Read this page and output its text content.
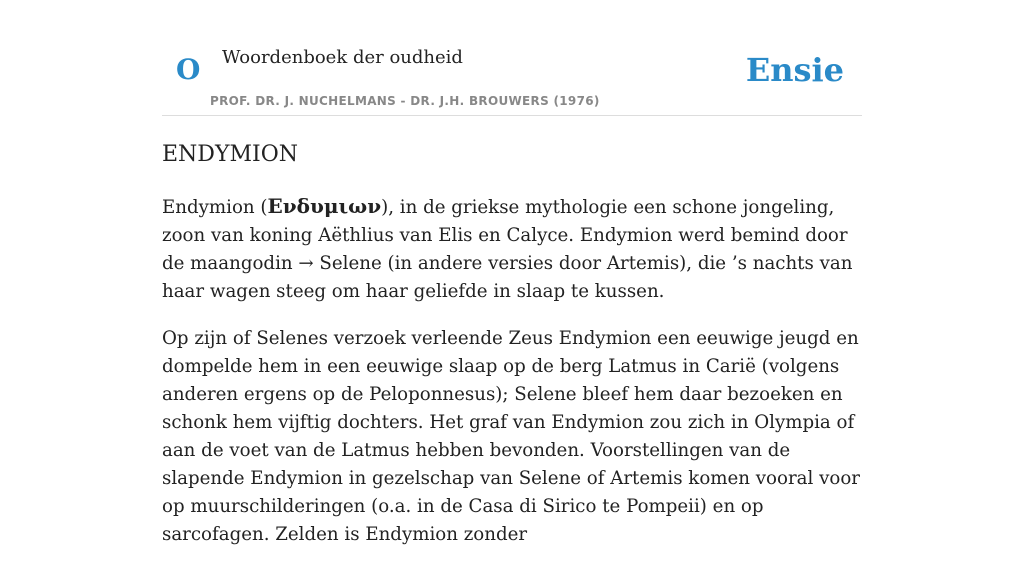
O Woordenboek der oudheid
PROF. DR. J. NUCHELMANS - DR. J.H. BROUWERS (1976)
Ensie
ENDYMION

Endymion (Ενδυμιων), in de griekse mythologie een schone jongeling, zoon van koning Aëthlius van Elis en Calyce. Endymion werd bemind door de maangodin → Selene (in andere versies door Artemis), die ’s nachts van haar wagen steeg om haar geliefde in slaap te kussen.

Op zijn of Selenes verzoek verleende Zeus Endymion een eeuwige jeugd en dompelde hem in een eeuwige slaap op de berg Latmus in Carië (volgens anderen ergens op de Peloponnesus); Selene bleef hem daar bezoeken en schonk hem vijftig dochters. Het graf van Endymion zou zich in Olympia of aan de voet van de Latmus hebben bevonden. Voorstellingen van de slapende Endymion in gezelschap van Selene of Artemis komen vooral voor op muurschilderingen (o.a. in de Casa di Sirico te Pompeii) en op sarcofagen. Zelden is Endymion zonder
